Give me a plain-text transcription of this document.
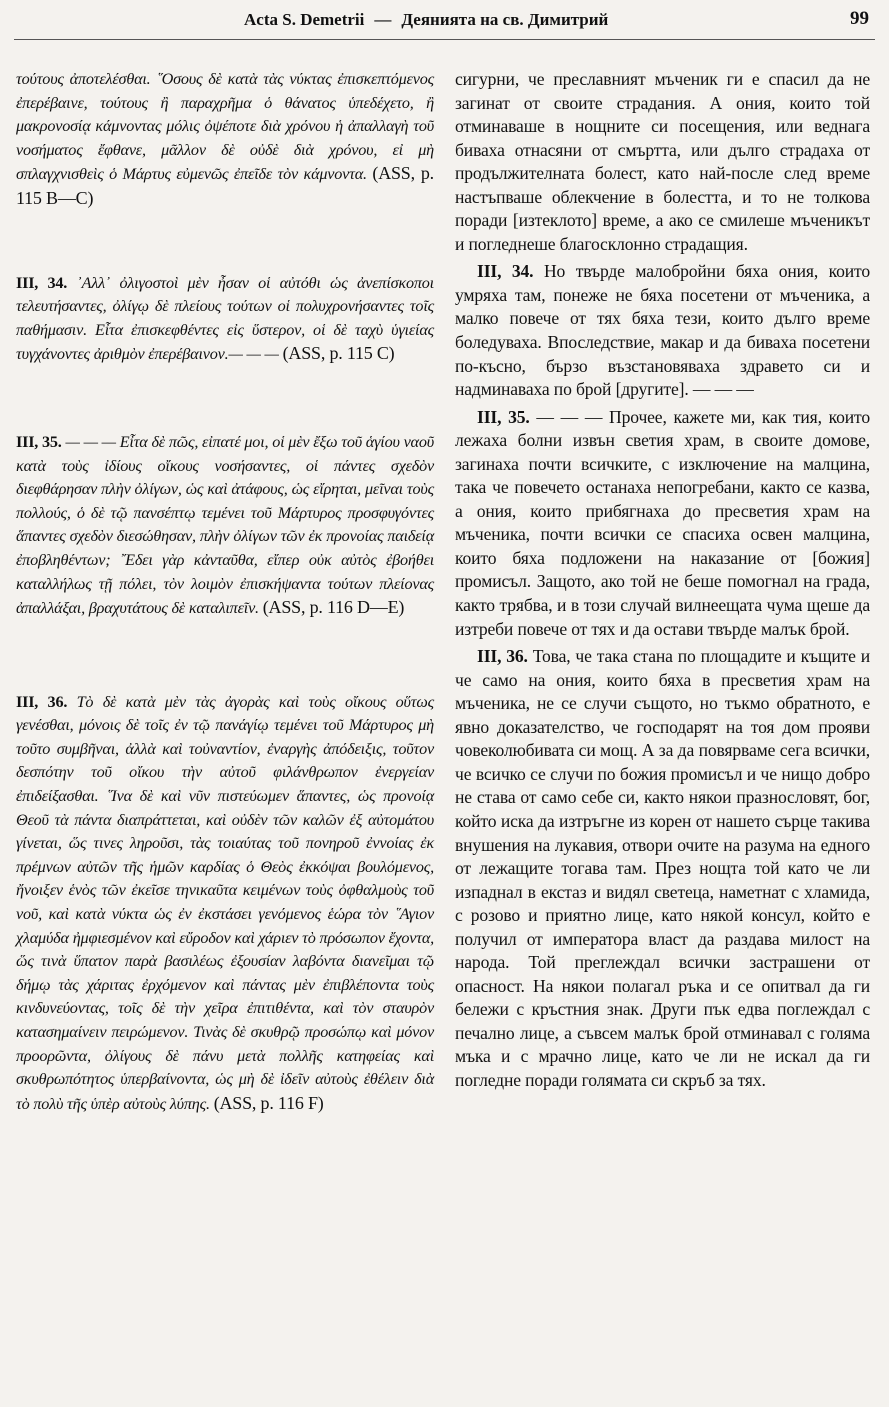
Acta S. Demetrii — Деянията на св. Димитрий	99

τούτους ἀποτελέσθαι. ῞Οσους δὲ κατὰ τὰς νύκτας ἐπισκεπτόμενος ἐπερέβαινε, τούτους ἢ παραχρῆμα ὁ θάνατος ὑπεδέχετο, ἢ μακρονοσίᾳ κάμνοντας μόλις ὀψέποτε διὰ χρόνου ἡ ἀπαλλαγὴ τοῦ νοσήματος ἔφθανε, μᾶλλον δὲ οὐδὲ διὰ χρόνου, εἰ μὴ σπλαγχνισθεὶς ὁ Μάρτυς εὐμενῶς ἐπεῖδε τὸν κάμνοντα. (ASS, p. 115 B—C)

III, 34. ᾿Αλλ᾿ ὀλιγοστοὶ μὲν ἦσαν οἱ αὐτόθι ὡς ἀνεπίσκοποι τελευτήσαντες, ὀλίγῳ δὲ πλείους τούτων οἱ πολυχρονήσαντες τοῖς παθήμασιν. Εἶτα ἐπισκεφθέντες εἰς ὕστερον, οἱ δὲ ταχὺ ὑγιείας τυγχάνοντες ἀριθμὸν ἐπερέβαινον.— — — (ASS, p. 115 C)

III, 35. — — — Εἶτα δὲ πῶς, εἰπατέ μοι, οἱ μὲν ἔξω τοῦ ἁγίου ναοῦ κατὰ τοὺς ἰδίους οἴκους νοσήσαντες, οἱ πάντες σχεδὸν διεφθάρησαν πλὴν ὀλίγων, ὡς καὶ ἀτάφους, ὡς εἴρηται, μεῖναι τοὺς πολλούς, ὁ δὲ τῷ πανσέπτῳ τεμένει τοῦ Μάρτυρος προσφυγόντες ἅπαντες σχεδὸν διεσώθησαν, πλὴν ὀλίγων τῶν ἐκ προνοίας παιδείᾳ ἐποβληθέντων; ῎Εδει γὰρ κἀνταῦθα, εἴπερ οὐκ αὐτὸς ἐβοήθει καταλλήλως τῇ πόλει, τὸν λοιμὸν ἐπισκήψαντα τούτων πλείονας ἀπαλλάξαι, βραχυτάτους δὲ καταλιπεῖν. (ASS, p. 116 D—E)

III, 36. Τὸ δὲ κατὰ μὲν τὰς ἀγορὰς καὶ τοὺς οἴκους οὕτως γενέσθαι, μόνοις δὲ τοῖς ἐν τῷ πανάγίῳ τεμένει τοῦ Μάρτυρος μὴ τοῦτο συμβῆναι, ἀλλὰ καὶ τοὐναντίον, ἐναργὴς ἀπόδειξις, τοῦτον δεσπότην τοῦ οἴκου τὴν αὐτοῦ φιλάνθρωπον ἐνεργείαν ἐπιδείξασθαι. ῞Ινα δὲ καὶ νῦν πιστεύωμεν ἅπαντες, ὡς προνοίᾳ Θεοῦ τὰ πάντα διαπράττεται, καὶ οὐδὲν τῶν καλῶν ἐξ αὐτομάτου γίνεται, ὥς τινες ληροῦσι, τὰς τοιαύτας τοῦ πονηροῦ ἐννοίας ἐκ πρέμνων αὐτῶν τῆς ἡμῶν καρδίας ὁ Θεὸς ἐκκόψαι βουλόμενος, ἤνοιξεν ἑνὸς τῶν ἐκεῖσε τηνικαῦτα κειμένων τοὺς ὀφθαλμοὺς τοῦ νοῦ, καὶ κατὰ νύκτα ὡς ἐν ἐκστάσει γενόμενος ἑώρα τὸν ῞Αγιον χλαμύδα ἠμφιεσμένον καὶ εὔροδον καὶ χάριεν τὸ πρόσωπον ἔχοντα, ὥς τινὰ ὕπατον παρὰ βασιλέως ἐξουσίαν λαβόντα διανεῖμαι τῷ δήμῳ τὰς χάριτας ἐρχόμενον καὶ πάντας μὲν ἐπιβλέποντα τοὺς κινδυνεύοντας, τοῖς δὲ τὴν χεῖρα ἐπιτιθέντα, καὶ τὸν σταυρὸν κατασημαίνειν πειρώμενον. Τινὰς δὲ σκυθρῷ προσώπῳ καὶ μόνον προορῶντα, ὀλίγους δὲ πάνυ μετὰ πολλῆς κατηφείας καὶ σκυθρωπότητος ὑπερβαίνοντα, ὡς μὴ δὲ ἰδεῖν αὐτοὺς ἐθέλειν διὰ τὸ πολὺ τῆς ὑπὲρ αὐτοὺς λύπης. (ASS, p. 116 F)

сигурни, че преславният мъченик ги е спасил да не загинат от своите страдания. А ония, които той отминаваше в нощните си посещения, или веднага биваха отнасяни от смъртта, или дълго страдаха от продължителната болест, като най-после след време настъпваше облекчение в болестта, и то не толкова поради [изтеклото] време, а ако се смилеше мъченикът и погледнеше благосклонно страдащия.

III, 34. Но твърде малобройни бяха ония, които умряха там, понеже не бяха посетени от мъченика, а малко повече от тях бяха тези, които дълго време боледуваха. Впоследствие, макар и да биваха посетени по-късно, бързо възстановяваха здравето си и надминаваха по брой [другите]. — — —

III, 35. — — — Прочее, кажете ми, как тия, които лежаха болни извън светия храм, в своите домове, загинаха почти всичките, с изключение на малцина, така че повечето останаха непогребани, както се казва, а ония, които прибягнаха до пресветия храм на мъченика, почти всички се спасиха освен малцина, които бяха подложени на наказание от [божия] промисъл. Защото, ако той не беше помогнал на града, както трябва, и в този случай вилнеещата чума щеше да изтреби повече от тях и да остави твърде малък брой.

III, 36. Това, че така стана по площадите и къщите и че само на ония, които бяха в пресветия храм на мъченика, не се случи същото, но тъкмо обратното, е явно доказателство, че господарят на тоя дом прояви човеколюбивата си мощ. А за да повярваме сега всички, че всичко се случи по божия промисъл и че нищо добро не става от само себе си, както някои празнословят, бог, който иска да изтръгне из корен от нашето сърце такива внушения на лукавия, отвори очите на разума на едного от лежащите тогава там. През нощта той като че ли изпаднал в екстаз и видял светеца, наметнат с хламида, с розово и приятно лице, като някой консул, който е получил от императора власт да раздава милост на народа. Той преглеждал всички застрашени от опасност. На някои полагал ръка и се опитвал да ги бележи с кръстния знак. Други пък едва поглеждал с печално лице, а съвсем малък брой отминавал с голяма мъка и с мрачно лице, като че ли не искал да ги погледне поради голямата си скръб за тях.
